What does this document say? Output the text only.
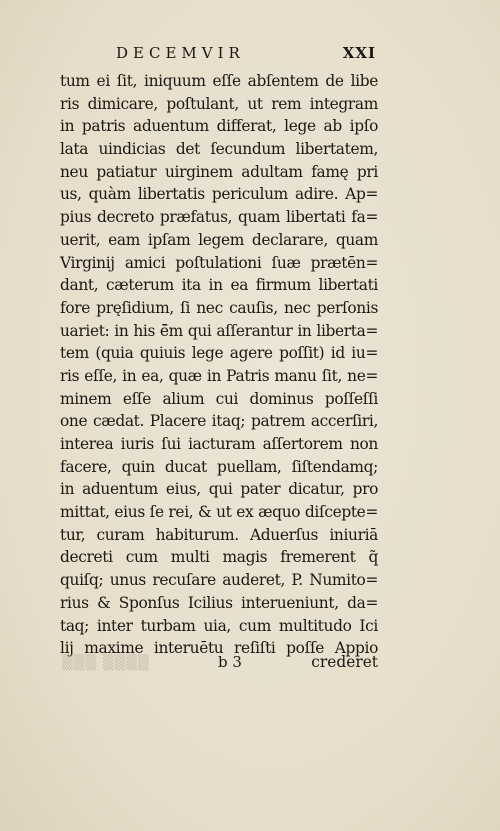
DECEMVIR	XXI
tum ei ſit, iniquum eſſe abſentem de libe
ris dimicare, poſtulant, ut rem integram
in patris aduentum differat, lege ab ipſo
lata uindicias det ſecundum libertatem,
neu patiatur uirginem adultam famę pri
us, quàm libertatis periculum adire. Ap=
pius decreto præfatus, quam libertati fa=
uerit, eam ipſam legem declarare, quam
Virginij amici poſtulationi ſuæ prætēn=
dant, cæterum ita in ea firmum libertati
fore pręſidium, ſi nec cauſis, nec perſonis
uariet: in his ē̄m qui aſſerantur in liberta=
tem (quia quiuis lege agere poſſit) id iu=
ris eſſe, in ea, quæ in Patris manu ſit, ne=
minem eſſe alium cui dominus poſſeſſi
one cædat. Placere itaq; patrem accerſiri,
interea iuris ſui iacturam aſſertorem non
facere, quin ducat puellam, ſiſtendamq;
in aduentum eius, qui pater dicatur, pro
mittat, eius ſe rei, & ut ex æquo diſcepte=
tur, curam habiturum. Aduerſus iniuriā
decreti cum multi magis fremerent q̃
quiſq; unus recuſare auderet, P. Numito=
rius & Sponſus Icilius interueniunt, da=
taq; inter turbam uia, cum multitudo Ici
lij maxime interuētu reſiſti poſſe Appio
▒▒▒ ▒▒▒▒	b 3	crederet
